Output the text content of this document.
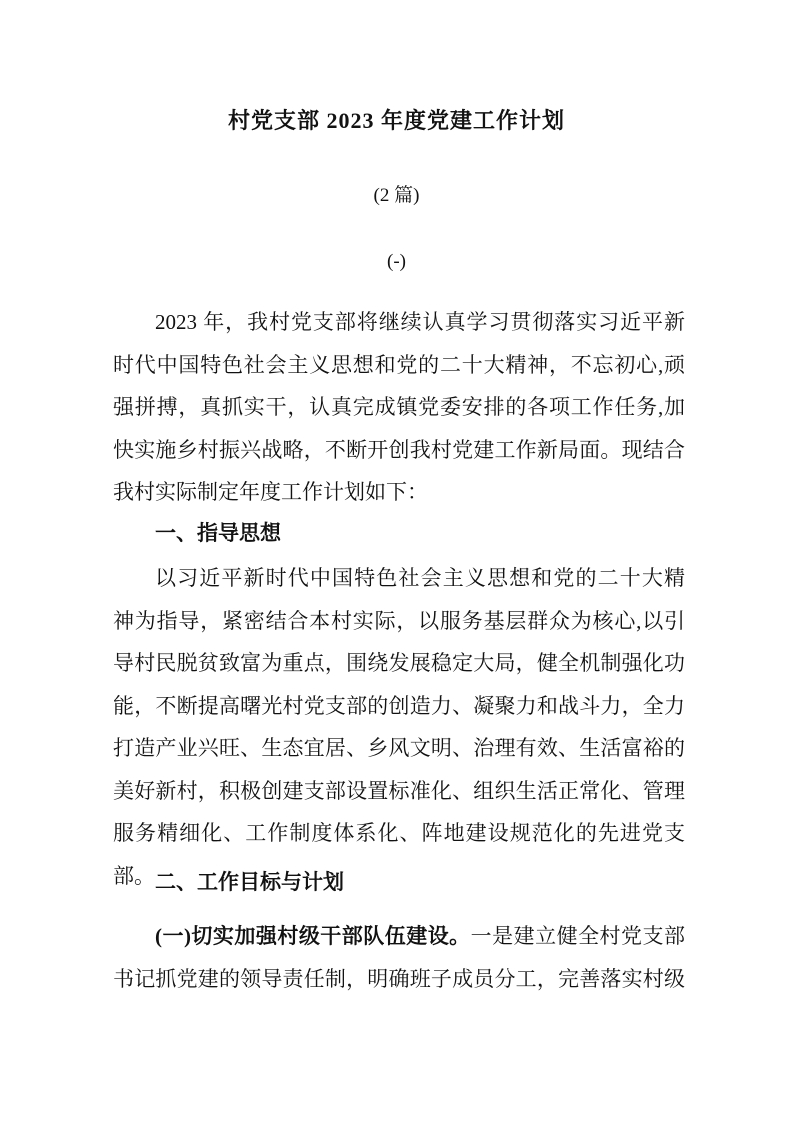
村党支部 2023 年度党建工作计划
(2 篇)
(-)
2023 年，我村党支部将继续认真学习贯彻落实习近平新
时代中国特色社会主义思想和党的二十大精神，不忘初心,顽
强拼搏，真抓实干，认真完成镇党委安排的各项工作任务,加
快实施乡村振兴战略，不断开创我村党建工作新局面。现结合
我村实际制定年度工作计划如下：
一、指导思想
以习近平新时代中国特色社会主义思想和党的二十大精
神为指导，紧密结合本村实际，以服务基层群众为核心,以引
导村民脱贫致富为重点，围绕发展稳定大局，健全机制强化功
能，不断提高曙光村党支部的创造力、凝聚力和战斗力，全力
打造产业兴旺、生态宜居、乡风文明、治理有效、生活富裕的
美好新村，积极创建支部设置标准化、组织生活正常化、管理
服务精细化、工作制度体系化、阵地建设规范化的先进党支部。 二、工作目标与计划
(一)切实加强村级干部队伍建设。一是建立健全村党支部
书记抓党建的领导责任制，明确班子成员分工，完善落实村级
